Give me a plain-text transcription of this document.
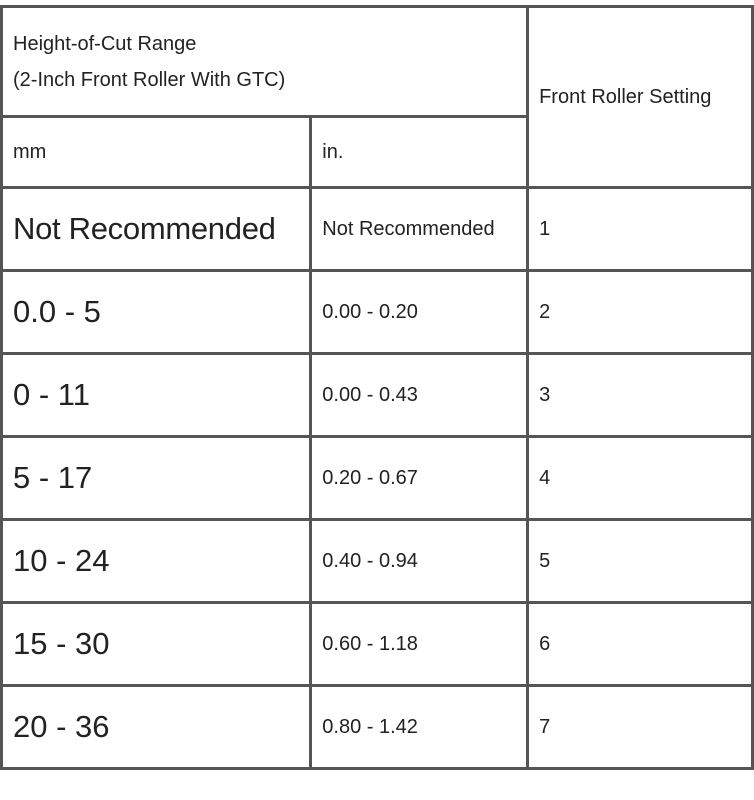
Height-of-Cut Range
(2-Inch Front Roller With GTC)		Front Roller Setting
mm	in.	
Not Recommended	Not Recommended	1
0.0 - 5	0.00 - 0.20	2
0 - 11	0.00 - 0.43	3
5 - 17	0.20 - 0.67	4
10 - 24	0.40 - 0.94	5
15 - 30	0.60 - 1.18	6
20 - 36	0.80 - 1.42	7
